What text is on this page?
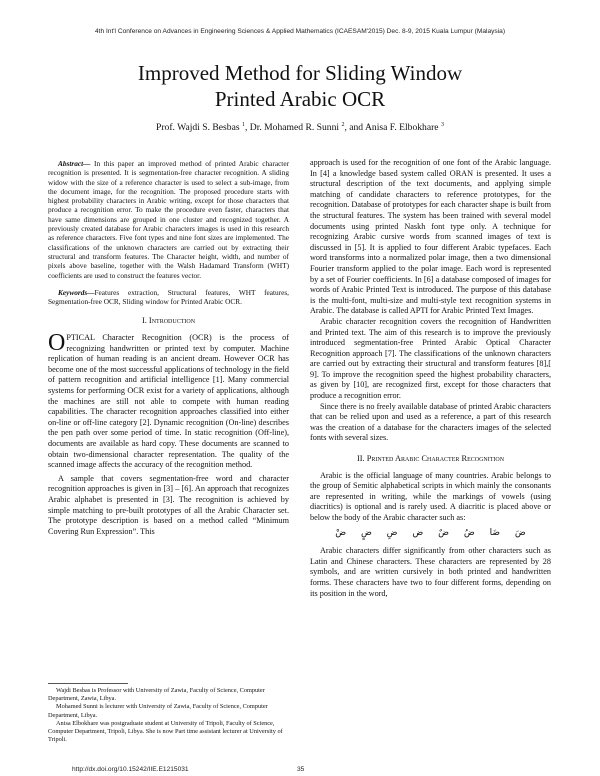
4th Int'l Conference on Advances in Engineering Sciences & Applied Mathematics (ICAESAM'2015) Dec. 8-9, 2015 Kuala Lumpur (Malaysia)
Improved Method for Sliding Window
Printed Arabic OCR
Prof. Wajdi S. Besbas $^1$, Dr. Mohamed R. Sunni $^2$, and Anisa F. Elbokhare $^3$

Abstract— In this paper an improved method of printed Arabic character recognition is presented. It is segmentation-free character recognition. A sliding widow with the size of a reference character is used to select a sub-image, from the document image, for the recognition. The proposed procedure starts with highest probability characters in Arabic writing, except for those characters that produce a recognition error. To make the procedure even faster, characters that have same dimensions are grouped in one cluster and recognized together. A previously created database for Arabic characters images is used in this research as reference characters. Five font types and nine font sizes are implemented. The classifications of the unknown characters are carried out by extracting their structural and transform features. The Character height, width, and number of pixels above baseline, together with the Walsh Hadamard Transform (WHT) coefficients are used to construct the features vector.

Keywords—Features extraction, Structural features, WHT features, Segmentation-free OCR, Sliding window for Printed Arabic OCR.

I. Introduction

OPTICAL Character Recognition (OCR) is the process of recognizing handwritten or printed text by computer. Machine replication of human reading is an ancient dream. However OCR has become one of the most successful applications of technology in the field of pattern recognition and artificial intelligence [1]. Many commercial systems for performing OCR exist for a variety of applications, although the machines are still not able to compete with human reading capabilities. The character recognition approaches classified into either on-line or off-line category [2]. Dynamic recognition (On-line) describes the pen path over some period of time. In static recognition (Off-line), documents are available as hard copy. These documents are scanned to obtain two-dimensional character representation. The quality of the scanned image affects the accuracy of the recognition method.

A sample that covers segmentation-free word and character recognition approaches is given in [3] – [6]. An approach that recognizes Arabic alphabet is presented in [3]. The recognition is achieved by simple matching to pre-built prototypes of all the Arabic Character set. The prototype description is based on a method called “Minimum Covering Run Expression”. This

Wajdi Besbas is Professor with University of Zawia, Faculty of Science, Computer Department, Zawia, Libya.

Mohamed Sunni is lecturer with University of Zawia, Faculty of Science, Computer Department, Libya.

Anisa Elbokhare was postgraduate student at University of Tripoli, Faculty of Science, Computer Department, Tripoli, Libya. She is now Part time assistant lecturer at University of Tripoli.

approach is used for the recognition of one font of the Arabic language. In [4] a knowledge based system called ORAN is presented. It uses a structural description of the text documents, and applying simple matching of candidate characters to reference prototypes, for the recognition. Database of prototypes for each character shape is built from the structural features. The system has been trained with several model documents using printed Naskh font type only. A technique for recognizing Arabic cursive words from scanned images of text is discussed in [5]. It is applied to four different Arabic typefaces. Each word transforms into a normalized polar image, then a two dimensional Fourier transform applied to the polar image. Each word is represented by a set of Fourier coefficients. In [6] a database composed of images for words of Arabic Printed Text is introduced. The purpose of this database is the multi-font, multi-size and multi-style text recognition systems in Arabic. The database is called APTI for Arabic Printed Text Images.

Arabic character recognition covers the recognition of Handwritten and Printed text. The aim of this research is to improve the previously introduced segmentation-free Printed Arabic Optical Character Recognition approach [7]. The classifications of the unknown characters are carried out by extracting their structural and transform features [8],[ 9]. To improve the recognition speed the highest probability characters, as given by [10], are recognized first, except for those characters that produce a recognition error.

Since there is no freely available database of printed Arabic characters that can be relied upon and used as a reference, a part of this research was the creation of a database for the characters images of the selected fonts with several sizes.

II. Printed Arabic Character Recognition

Arabic is the official language of many countries. Arabic belongs to the group of Semitic alphabetical scripts in which mainly the consonants are represented in writing, while the markings of vowels (using diacritics) is optional and is rarely used. A diacritic is placed above or below the body of the Arabic character such as:

ضَ ضَا ضُ ضٌ ض ضِ ضٍ ضْ

Arabic characters differ significantly from other characters such as Latin and Chinese characters. These characters are represented by 28 symbols, and are written cursively in both printed and handwritten forms. These characters have two to four different forms, depending on its position in the word,

http://dx.doi.org/10.15242/IIE.E1215031	35
